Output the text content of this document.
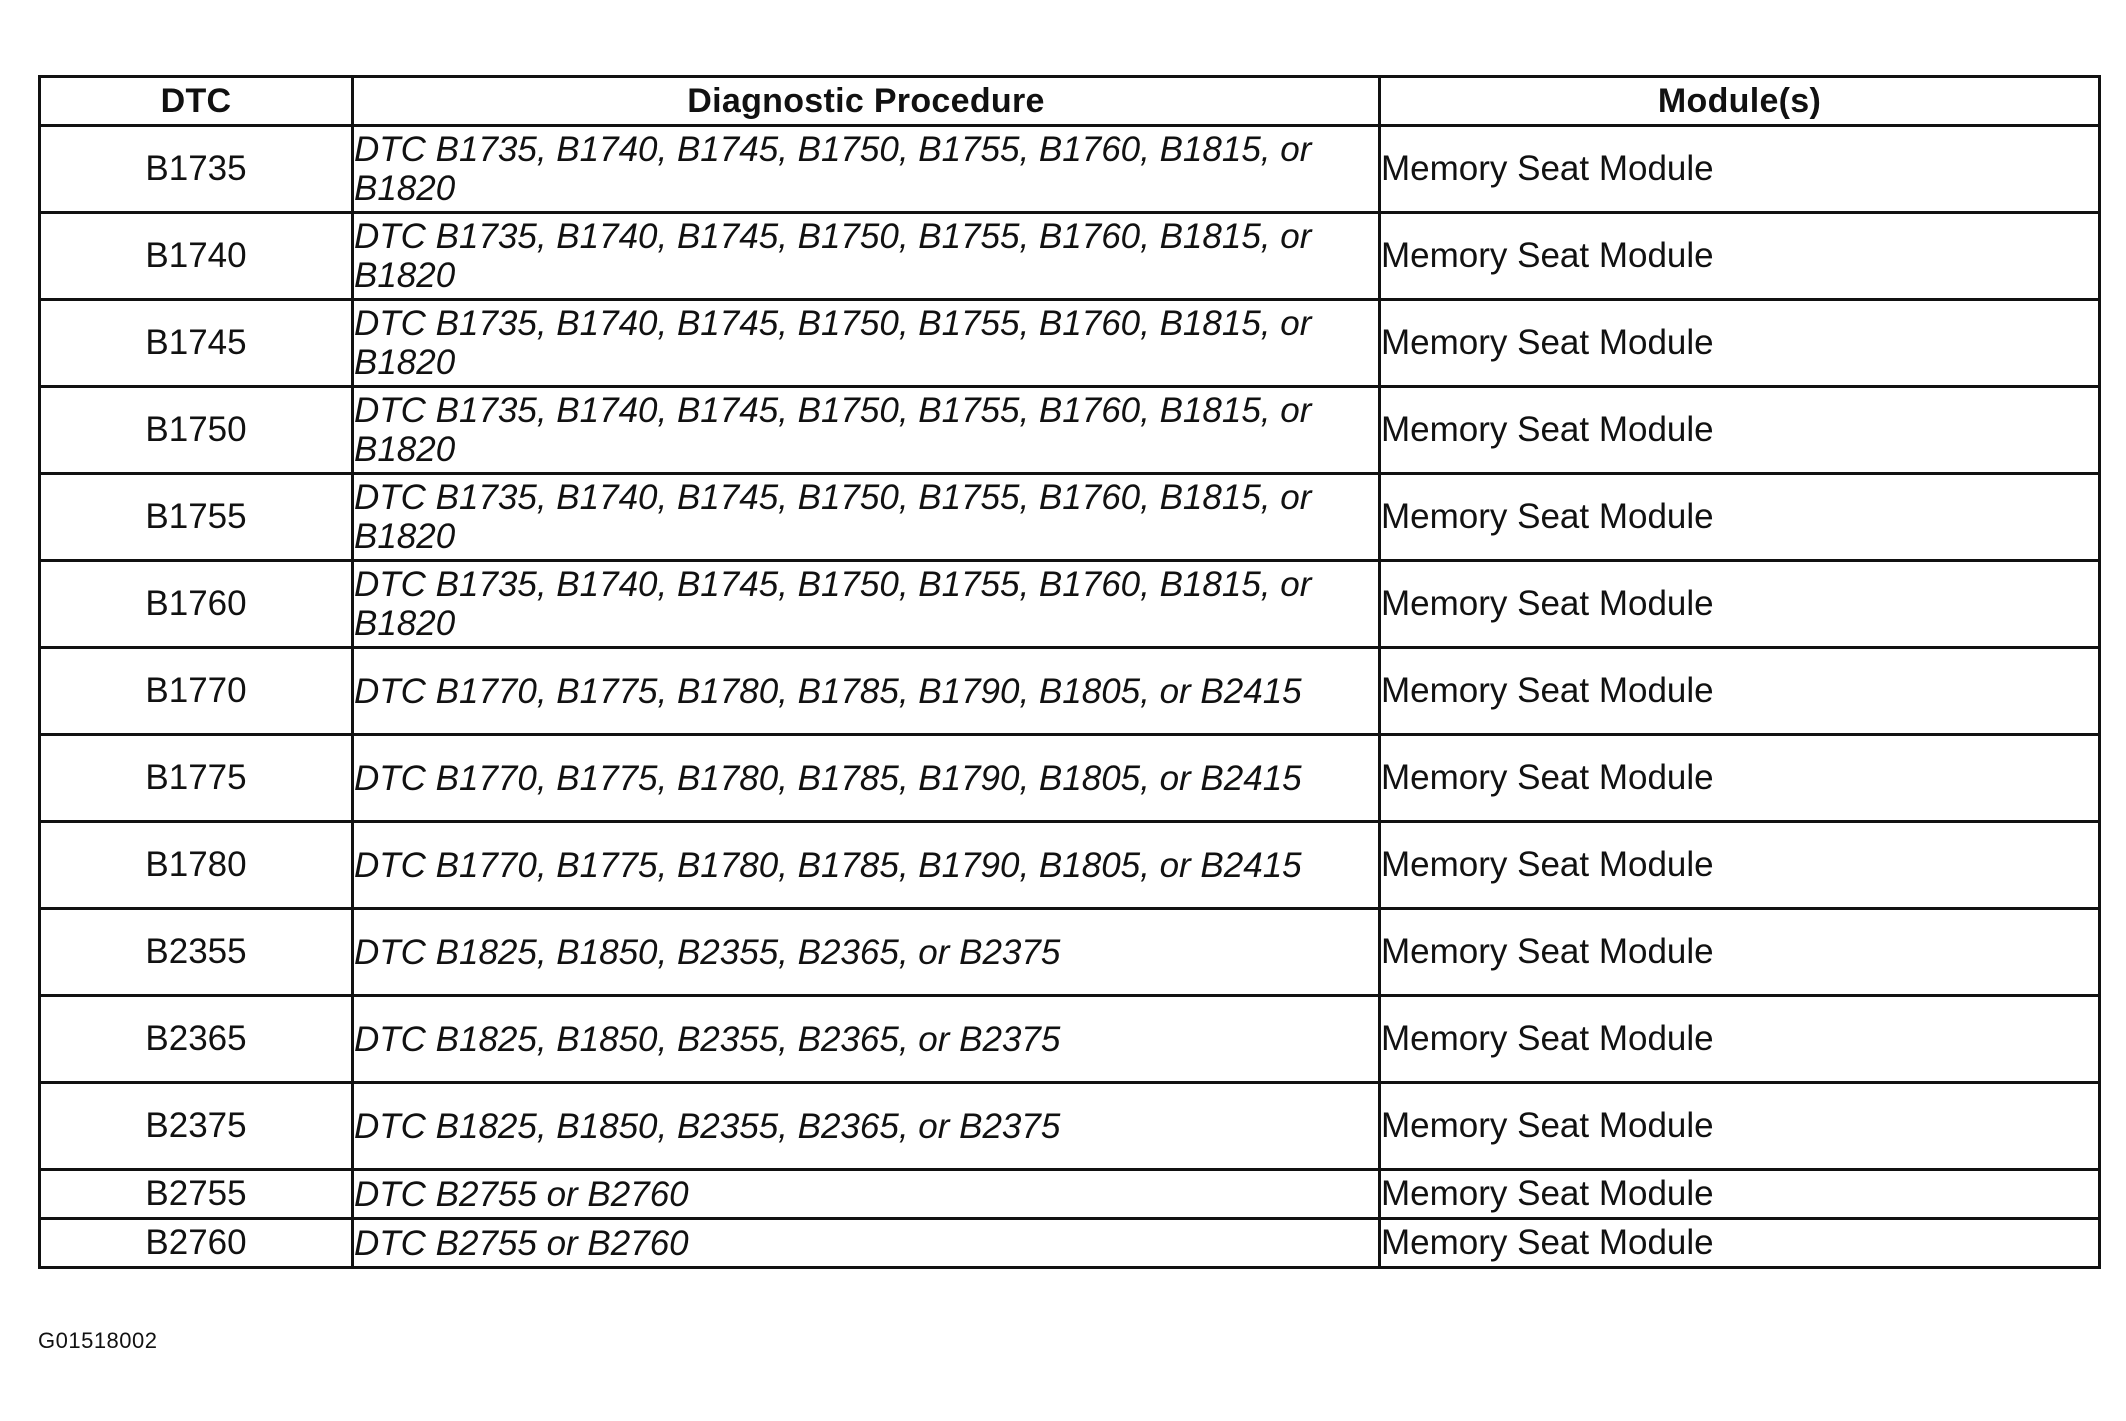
DTC	Diagnostic Procedure	Module(s)
B1735	DTC B1735, B1740, B1745, B1750, B1755, B1760, B1815, or B1820	Memory Seat Module
B1740	DTC B1735, B1740, B1745, B1750, B1755, B1760, B1815, or B1820	Memory Seat Module
B1745	DTC B1735, B1740, B1745, B1750, B1755, B1760, B1815, or B1820	Memory Seat Module
B1750	DTC B1735, B1740, B1745, B1750, B1755, B1760, B1815, or B1820	Memory Seat Module
B1755	DTC B1735, B1740, B1745, B1750, B1755, B1760, B1815, or B1820	Memory Seat Module
B1760	DTC B1735, B1740, B1745, B1750, B1755, B1760, B1815, or B1820	Memory Seat Module
B1770	DTC B1770, B1775, B1780, B1785, B1790, B1805, or B2415	Memory Seat Module
B1775	DTC B1770, B1775, B1780, B1785, B1790, B1805, or B2415	Memory Seat Module
B1780	DTC B1770, B1775, B1780, B1785, B1790, B1805, or B2415	Memory Seat Module
B2355	DTC B1825, B1850, B2355, B2365, or B2375	Memory Seat Module
B2365	DTC B1825, B1850, B2355, B2365, or B2375	Memory Seat Module
B2375	DTC B1825, B1850, B2355, B2365, or B2375	Memory Seat Module
B2755	DTC B2755 or B2760	Memory Seat Module
B2760	DTC B2755 or B2760	Memory Seat Module
G01518002
